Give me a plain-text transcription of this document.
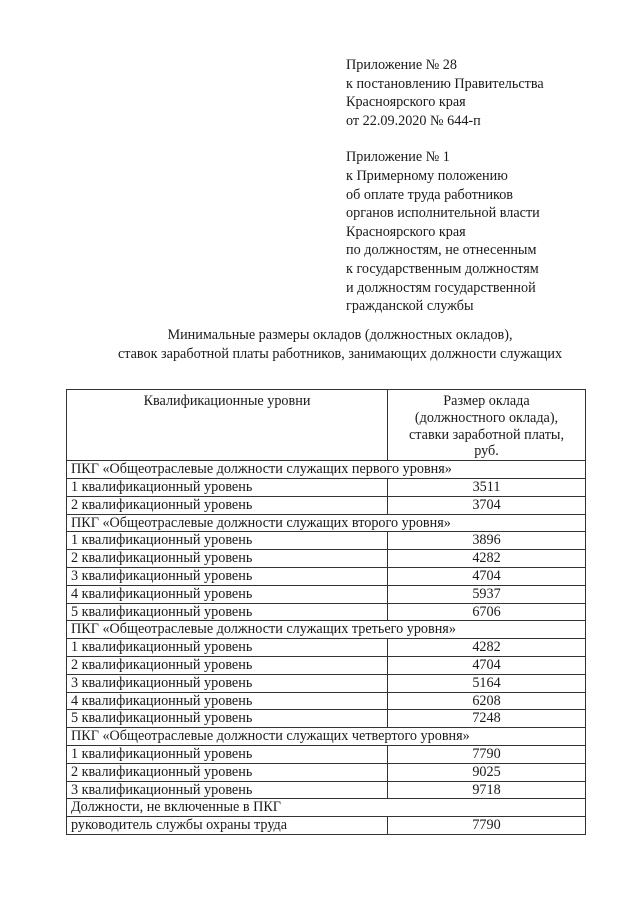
Приложение № 28
к постановлению Правительства
Красноярского края
от 22.09.2020 № 644-п
Приложение № 1
к Примерному положению
об оплате труда работников
органов исполнительной власти
Красноярского края
по должностям, не отнесенным
к государственным должностям
и должностям государственной
гражданской службы
Минимальные размеры окладов (должностных окладов),
ставок заработной платы работников, занимающих должности служащих
Квалификационные уровни	Размер оклада
(должностного оклада),
ставки заработной платы,
руб.

ПКГ «Общеотраслевые должности служащих первого уровня»	
1 квалификационный уровень	3511
2 квалификационный уровень	3704
ПКГ «Общеотраслевые должности служащих второго уровня»	
1 квалификационный уровень	3896
2 квалификационный уровень	4282
3 квалификационный уровень	4704
4 квалификационный уровень	5937
5 квалификационный уровень	6706
ПКГ «Общеотраслевые должности служащих третьего уровня»	
1 квалификационный уровень	4282
2 квалификационный уровень	4704
3 квалификационный уровень	5164
4 квалификационный уровень	6208
5 квалификационный уровень	7248
ПКГ «Общеотраслевые должности служащих четвертого уровня»	
1 квалификационный уровень	7790
2 квалификационный уровень	9025
3 квалификационный уровень	9718
Должности, не включенные в ПКГ	
руководитель службы охраны труда	7790
